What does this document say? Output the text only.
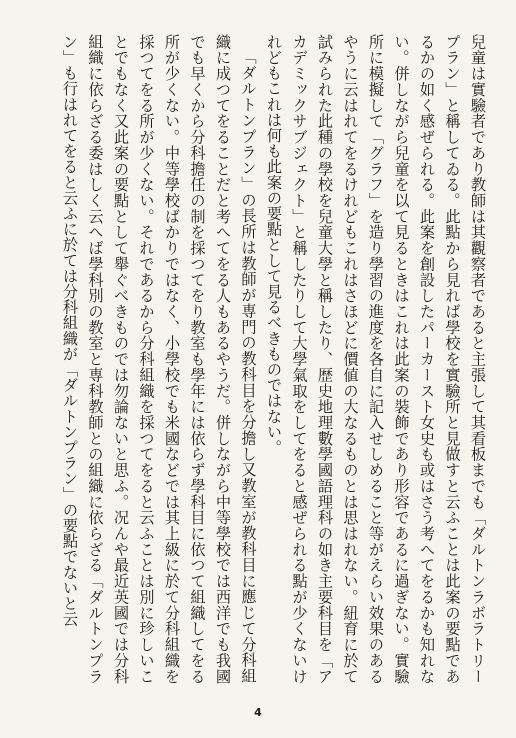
兒童は實驗者であり教師は其觀察者であると主張して其看板までも「ダルトンラボラトリープラン」と稱してゐる。此點から見れば學校を實驗所と見做すと云ふことは此案の要點であるかの如く感ぜられる。此案を創設したパーカースト女史も或はさう考へてをるかも知れない。併しながら兒童を以て見るときはこれは此案の裝飾であり形容であるに過ぎない。實驗所に模擬して「グラフ」を造り學習の進度を各自に記入せしめること等がえらい效果のあるやうに云はれてをるけれどもこれはさほどに價値の大なるものとは思はれない。紐育に於て試みられた此種の學校を兒童大學と稱したり、歴史地理數學國語理科の如き主要科目を「アカデミックサブジェクト」と稱したりして大學氣取をしてをると感ぜられる點が少くないけれどもこれは何も此案の要點として見るべきものではない。

「ダルトンプラン」の長所は教師が専門の教科目を分擔し又教室が教科目に應じて分科組織に成つてをることだと考へてをる人もあるやうだ。併しながら中等學校では西洋でも我國でも早くから分科擔任の制を採つてをり教室も學年には依らず學科目に依つて組織してをる所が少くない。中等學校ばかりではなく、小學校でも米國などでは其上級に於て分科組織を採つてをる所が少くない。それであるから分科組織を採つてをると云ふことは別に珍しいことでもなく又此案の要點として舉ぐべきものでは勿論ないと思ふ。况んや最近英國では分科組織に依らざる委はしく云へば學科別の教室と専科教師との組織に依らざる「ダルトンプラン」も行はれてをると云ふに於ては分科組織が「ダルトンプラン」の要點でないと云

4
